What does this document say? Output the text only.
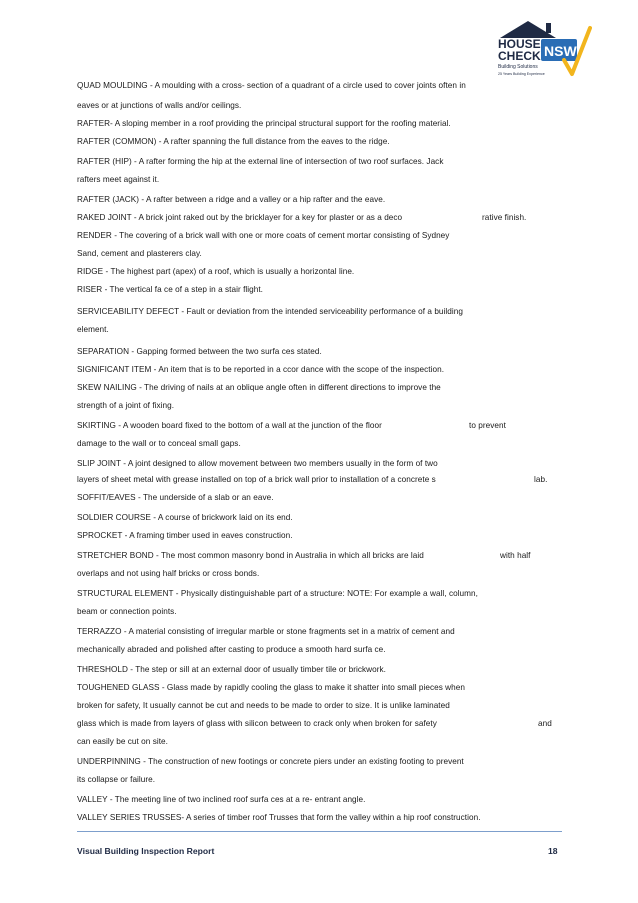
HOUSE
CHECK NSW
Building Solutions
25 Years Building Experience
QUAD MOULDING - A moulding with a cross- section of a quadrant of a circle used to cover joints often in
eaves or at junctions of walls and/or ceilings.
RAFTER- A sloping member in a roof providing the principal structural support for the roofing material.
RAFTER (COMMON) - A rafter spanning the full distance from the eaves to the ridge.
RAFTER (HIP) - A rafter forming the hip at the external line of intersection of two roof surfaces. Jack
rafters meet against it.
RAFTER (JACK) - A rafter between a ridge and a valley or a hip rafter and the eave.
RAKED JOINT - A brick joint raked out by the bricklayer for a key for plaster or as a deco	rative finish.
RENDER - The covering of a brick wall with one or more coats of cement mortar consisting of Sydney
Sand, cement and plasterers clay.
RIDGE - The highest part (apex) of a roof, which is usually a horizontal line.
RISER - The vertical fa ce of a step in a stair flight.
SERVICEABILITY DEFECT - Fault or deviation from the intended serviceability performance of a building
element.
SEPARATION - Gapping formed between the two surfa ces stated.
SIGNIFICANT ITEM - An item that is to be reported in a ccor dance with the scope of the inspection.
SKEW NAILING - The driving of nails at an oblique angle often in different directions to improve the
strength of a joint of fixing.
SKIRTING - A wooden board fixed to the bottom of a wall at the junction of the floor	to prevent
damage to the wall or to conceal small gaps.
SLIP JOINT - A joint designed to allow movement between two members usually in the form of two
layers of sheet metal with grease installed on top of a brick wall prior to installation of a concrete s	lab.
SOFFIT/EAVES - The underside of a slab or an eave.
SOLDIER COURSE - A course of brickwork laid on its end.
SPROCKET - A framing timber used in eaves construction.
STRETCHER BOND - The most common masonry bond in Australia in which all bricks are laid	with half
overlaps and not using half bricks or cross bonds.
STRUCTURAL ELEMENT - Physically distinguishable part of a structure: NOTE: For example a wall, column,
beam or connection points.
TERRAZZO - A material consisting of irregular marble or stone fragments set in a matrix of cement and
mechanically abraded and polished after casting to produce a smooth hard surfa ce.
THRESHOLD - The step or sill at an external door of usually timber tile or brickwork.
TOUGHENED GLASS - Glass made by rapidly cooling the glass to make it shatter into small pieces when
broken for safety, It usually cannot be cut and needs to be made to order to size. It is unlike laminated
glass which is made from layers of glass with silicon between to crack only when broken for safety	and
can easily be cut on site.
UNDERPINNING - The construction of new footings or concrete piers under an existing footing to prevent
its collapse or failure.
VALLEY - The meeting line of two inclined roof surfa ces at a re- entrant angle.
VALLEY SERIES TRUSSES- A series of timber roof Trusses that form the valley within a hip roof construction.
Visual Building Inspection Report	18
